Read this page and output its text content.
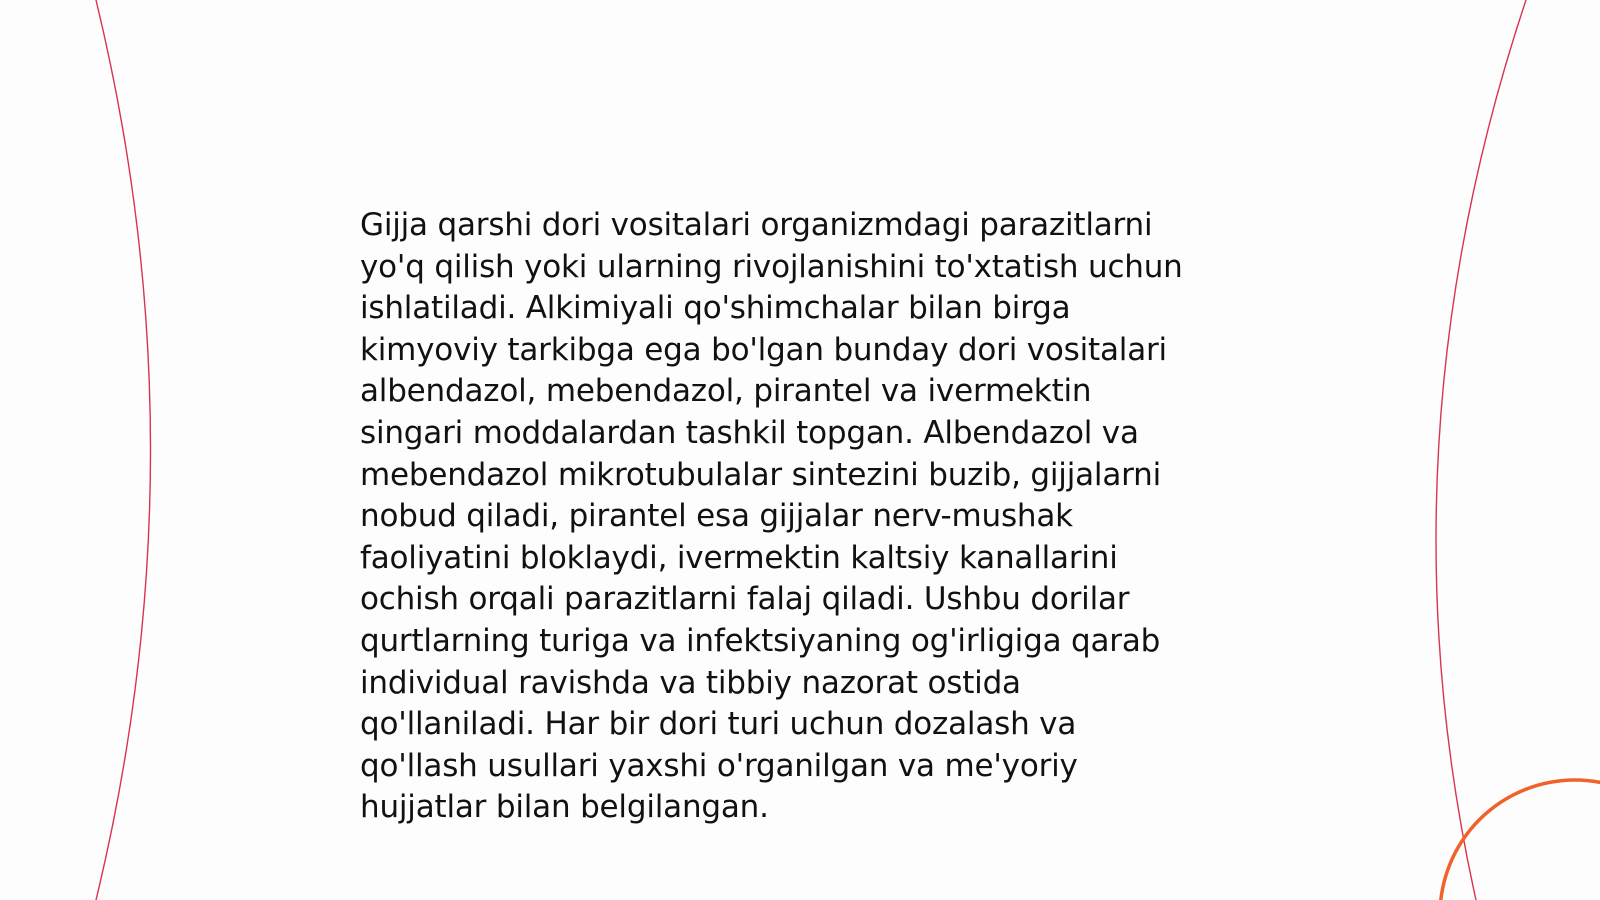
Gijja qarshi dori vositalari organizmdagi parazitlarni
yo'q qilish yoki ularning rivojlanishini to'xtatish uchun
ishlatiladi. Alkimiyali qo'shimchalar bilan birga
kimyoviy tarkibga ega bo'lgan bunday dori vositalari
albendazol, mebendazol, pirantel va ivermektin
singari moddalardan tashkil topgan. Albendazol va
mebendazol mikrotubulalar sintezini buzib, gijjalarni
nobud qiladi, pirantel esa gijjalar nerv-mushak
faoliyatini bloklaydi, ivermektin kaltsiy kanallarini
ochish orqali parazitlarni falaj qiladi. Ushbu dorilar
qurtlarning turiga va infektsiyaning og'irligiga qarab
individual ravishda va tibbiy nazorat ostida
qo'llaniladi. Har bir dori turi uchun dozalash va
qo'llash usullari yaxshi o'rganilgan va me'yoriy
hujjatlar bilan belgilangan.
